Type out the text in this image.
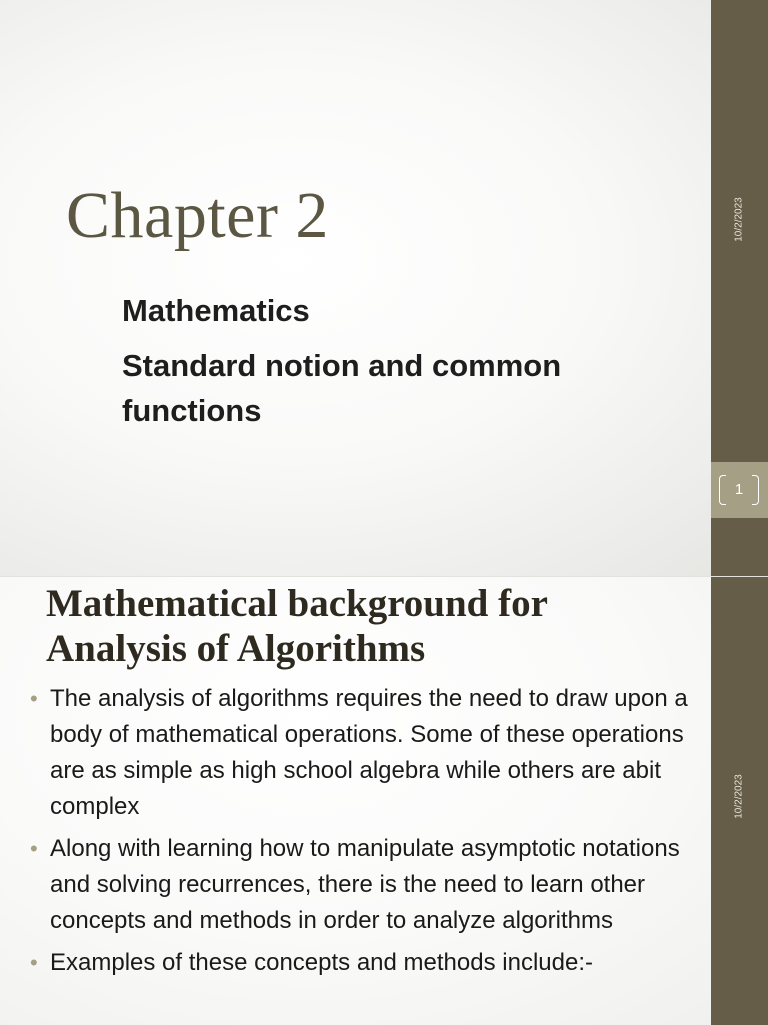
Chapter 2
Mathematics
Standard notion and common functions
10/2/2023
1
Mathematical background for Analysis of Algorithms
• The analysis of algorithms requires the need to draw upon a body of mathematical operations. Some of these operations are as simple as high school algebra while others are abit complex
• Along with learning how to manipulate asymptotic notations and solving recurrences, there is the need to learn other concepts and methods in order to analyze algorithms
• Examples of these concepts and methods include:-
10/2/2023
